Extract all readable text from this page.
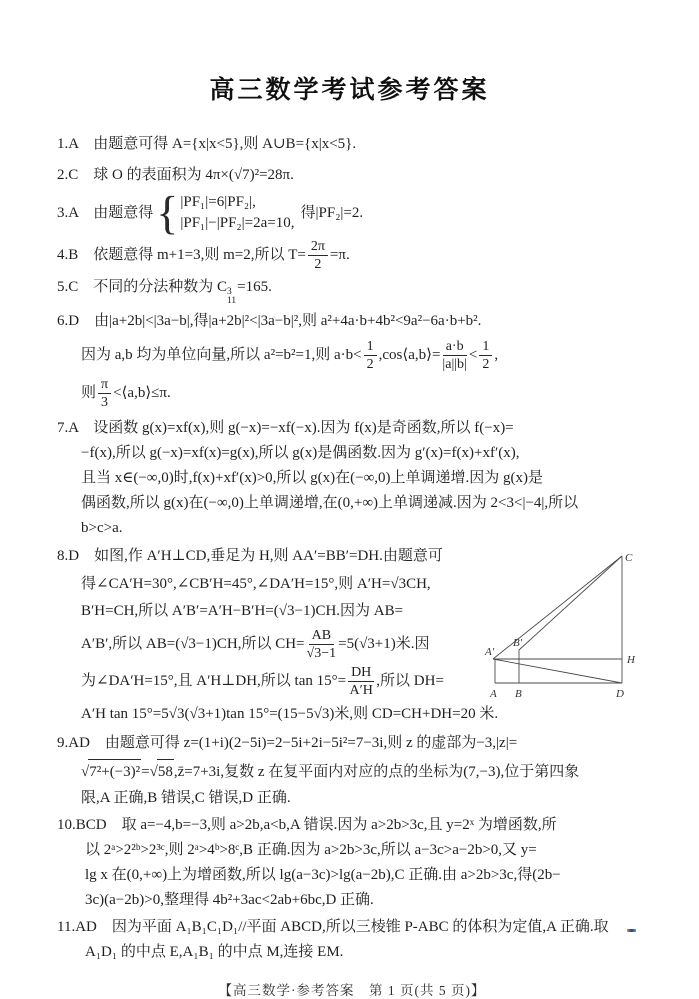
高三数学考试参考答案
1.A　由题意可得 A={x|x<5},则 A∪B={x|x<5}.
2.C　球 O 的表面积为 4π×(√7)²=28π.
3.A　由题意得 { |PF₁|=6|PF₂|,
|PF₁|−|PF₂|=2a=10,
得|PF₂|=2.
4.B　依题意得 m+1=3,则 m=2,所以 $T= \frac{2\pi}{2} =\pi$.
5.C　不同的分法种数为 C 3
11
=165.
6.D　由|a+2b|<|3a−b|,得|a+2b|²<|3a−b|²,则 a²+4a·b+4b²<9a²−6a·b+b².
因为 a,b 均为单位向量,所以 a²=b²=1,则 $a\cdot b< \frac{1}{2}$ ,cos⟨a,b⟩= $\frac{a\cdot b}{|a||b|} < \frac{1}{2}$ ,
则 $\frac{\pi}{3}$ <⟨a,b⟩≤π.
7.A　设函数 g(x)=xf(x),则 g(−x)=−xf(−x).因为 f(x)是奇函数,所以 f(−x)=
−f(x),所以 g(−x)=xf(x)=g(x),所以 g(x)是偶函数.因为 g′(x)=f(x)+xf′(x),
且当 x∈(−∞,0)时,f(x)+xf′(x)>0,所以 g(x)在(−∞,0)上单调递增.因为 g(x)是
偶函数,所以 g(x)在(−∞,0)上单调递增,在(0,+∞)上单调递减.因为 2<3<|−4|,所以
b>c>a.
C
A′
B′
H
A B	D
8.D　如图,作 A′H⊥CD,垂足为 H,则 AA′=BB′=DH.由题意可
得∠CA′H=30°,∠CB′H=45°,∠DA′H=15°,则 A′H=√3CH,
B′H=CH,所以 A′B′=A′H−B′H=(√3−1)CH.因为 AB=
A′B′,所以 AB=(√3−1)CH,所以 $CH= \frac{AB}{√3-1} =5(√3+1)$米.因
为∠DA′H=15°,且 A′H⊥DH,所以 $\tan 15^\circ= \frac{DH}{A'H}$ ,所以 DH=
A′H tan 15°=5√3(√3+1)tan 15°=(15−5√3)米,则 CD=CH+DH=20 米.
9.AD　由题意可得 z=(1+i)(2−5i)=2−5i+2i−5i²=7−3i,则 z 的虚部为−3,|z|=
√ 7²+(−3)² = √ 58 ,z̄=7+3i,复数 z 在复平面内对应的点的坐标为(7,−3),位于第四象
限,A 正确,B 错误,C 错误,D 正确.
10.BCD　取 a=−4,b=−3,则 a>2b,a<b,A 错误.因为 a>2b>3c,且 y=2ˣ 为增函数,所
以 2ᵃ>2²ᵇ>2³ᶜ,则 2ᵃ>4ᵇ>8ᶜ,B 正确.因为 a>2b>3c,所以 a−3c>a−2b>0,又 y=
lg x 在(0,+∞)上为增函数,所以 lg(a−3c)>lg(a−2b),C 正确.由 a>2b>3c,得(2b−
3c)(a−2b)>0,整理得 4b²+3ac<2ab+6bc,D 正确.
11.AD　因为平面 A₁B₁C₁D₁//平面 ABCD,所以三棱锥 P-ABC 的体积为定值,A 正确.取
A₁D₁ 的中点 E,A₁B₁ 的中点 M,连接 EM.
【高三数学·参考答案　第 1 页(共 5 页)】
